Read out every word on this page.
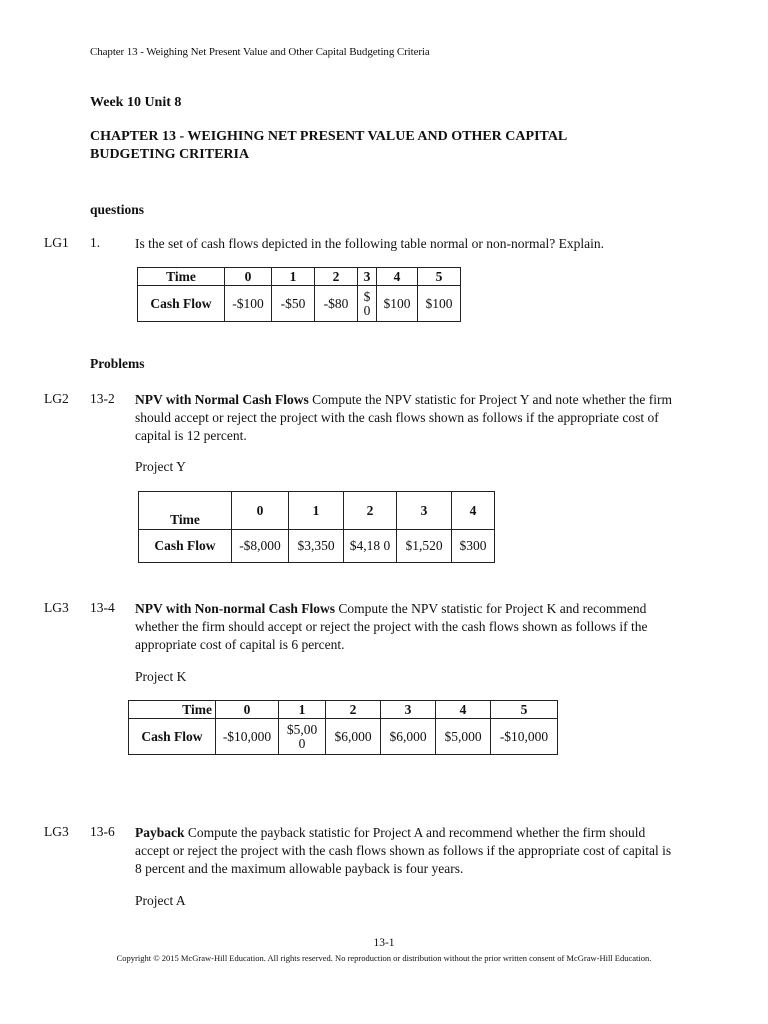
Chapter 13 - Weighing Net Present Value and Other Capital Budgeting Criteria
Week 10 Unit 8
CHAPTER 13 - WEIGHING NET PRESENT VALUE AND OTHER CAPITAL BUDGETING CRITERIA
questions
LG1 1.	Is the set of cash flows depicted in the following table normal or non-normal? Explain.
Time	0	1	2	3	4	5
Cash Flow	-$100	-$50	-$80	$ 0	$100	$100
Problems
LG2 13-2 NPV with Normal Cash Flows Compute the NPV statistic for Project Y and note whether the firm should accept or reject the project with the cash flows shown as follows if the appropriate cost of capital is 12 percent.
Project Y
Time	0	1	2	3	4
Cash Flow	-$8,000	$3,350	$4,18 0	$1,520	$300
LG3 13-4 NPV with Non-normal Cash Flows Compute the NPV statistic for Project K and recommend whether the firm should accept or reject the project with the cash flows shown as follows if the appropriate cost of capital is 6 percent.
Project K
Time	0	1	2	3	4	5
Cash Flow	-$10,000	$5,00 0	$6,000	$6,000	$5,000	-$10,000
LG3 13-6 Payback Compute the payback statistic for Project A and recommend whether the firm should accept or reject the project with the cash flows shown as follows if the appropriate cost of capital is 8 percent and the maximum allowable payback is four years.
Project A
13-1
Copyright © 2015 McGraw-Hill Education. All rights reserved. No reproduction or distribution without the prior written consent of McGraw-Hill Education.
